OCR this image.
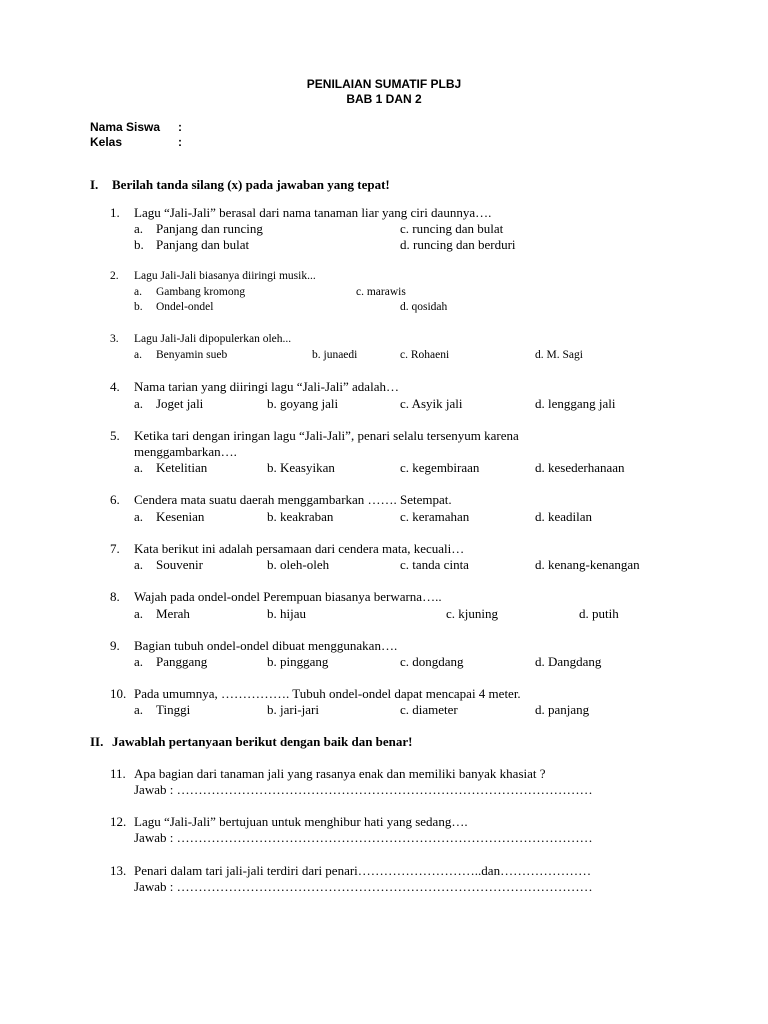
PENILAIAN SUMATIF PLBJ
BAB 1 DAN 2
Nama Siswa :
Kelas	:
I. Berilah tanda silang (x) pada jawaban yang tepat!
1. Lagu “Jali-Jali” berasal dari nama tanaman liar yang ciri daunnya….
a. Panjang dan runcing	c. runcing dan bulat
b. Panjang dan bulat	d. runcing dan berduri
2. Lagu Jali-Jali biasanya diiringi musik...
a. Gambang kromong	c. marawis
b. Ondel-ondel	d. qosidah
3. Lagu Jali-Jali dipopulerkan oleh...
a. Benyamin sueb	b. junaedi	c. Rohaeni	d. M. Sagi
4. Nama tarian yang diiringi lagu “Jali-Jali” adalah…
a. Joget jali	b. goyang jali	c. Asyik jali	d. lenggang jali
5. Ketika tari dengan iringan lagu “Jali-Jali”, penari selalu tersenyum karena
menggambarkan….
a. Ketelitian	b. Keasyikan	c. kegembiraan	d. kesederhanaan
6. Cendera mata suatu daerah menggambarkan ……. Setempat.
a. Kesenian	b. keakraban	c. keramahan	d. keadilan
7. Kata berikut ini adalah persamaan dari cendera mata, kecuali…
a. Souvenir	b. oleh-oleh	c. tanda cinta	d. kenang-kenangan
8. Wajah pada ondel-ondel Perempuan biasanya berwarna…..
a. Merah	b. hijau	c. kjuning	d. putih
9. Bagian tubuh ondel-ondel dibuat menggunakan….
a. Panggang	b. pinggang	c. dongdang	d. Dangdang
10. Pada umumnya, ……………. Tubuh ondel-ondel dapat mencapai 4 meter.
a. Tinggi	b. jari-jari	c. diameter	d. panjang
II. Jawablah pertanyaan berikut dengan baik dan benar!
11. Apa bagian dari tanaman jali yang rasanya enak dan memiliki banyak khasiat ?
Jawab : ……………………………………………………………………………………
12. Lagu “Jali-Jali” bertujuan untuk menghibur hati yang sedang….
Jawab : ……………………………………………………………………………………
13. Penari dalam tari jali-jali terdiri dari penari………………………..dan…………………
Jawab : ……………………………………………………………………………………
